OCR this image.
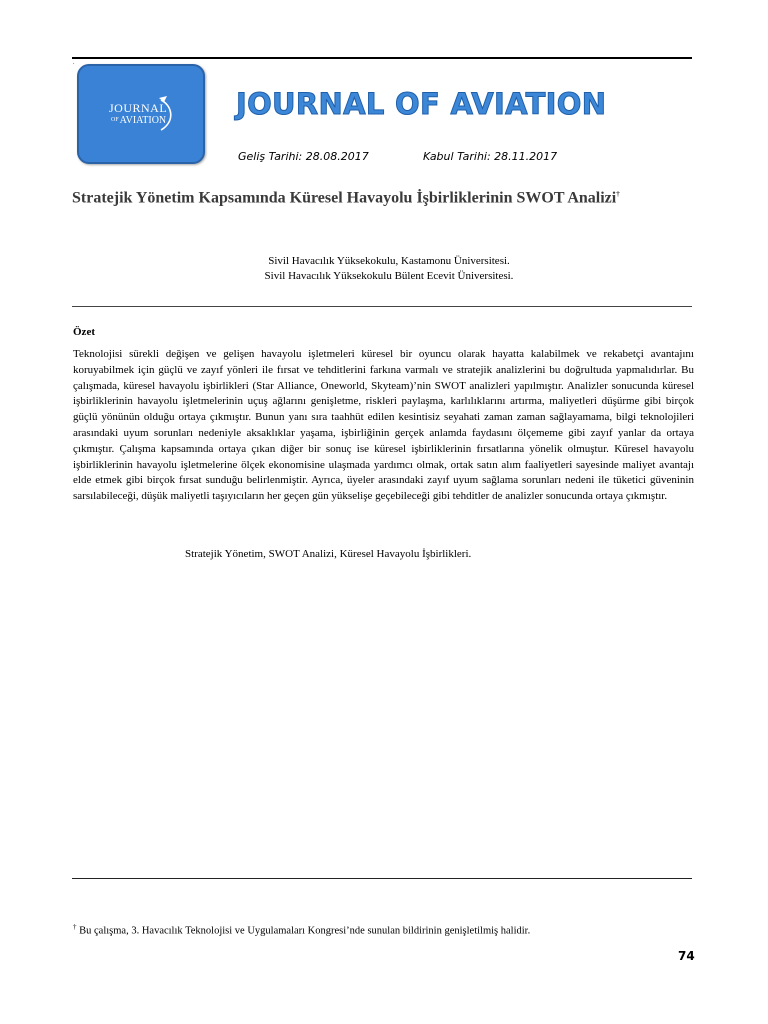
.
JOURNAL
$^{OF}$AVIATION JOURNAL OF AVIATION
Geliş Tarihi: 28.08.2017	Kabul Tarihi: 28.11.2017
Stratejik Yönetim Kapsamında Küresel Havayolu İşbirliklerinin SWOT Analizi†
Sivil Havacılık Yüksekokulu, Kastamonu Üniversitesi.
Sivil Havacılık Yüksekokulu Bülent Ecevit Üniversitesi.
Özet

Teknolojisi sürekli değişen ve gelişen havayolu işletmeleri küresel bir oyuncu olarak hayatta kalabilmek ve rekabetçi avantajını koruyabilmek için güçlü ve zayıf yönleri ile fırsat ve tehditlerini farkına varmalı ve stratejik analizlerini bu doğrultuda yapmalıdırlar. Bu çalışmada, küresel havayolu işbirlikleri (Star Alliance, Oneworld, Skyteam)’nin SWOT analizleri yapılmıştır. Analizler sonucunda küresel işbirliklerinin havayolu işletmelerinin uçuş ağlarını genişletme, riskleri paylaşma, karlılıklarını artırma, maliyetleri düşürme gibi birçok güçlü yönünün olduğu ortaya çıkmıştır. Bunun yanı sıra taahhüt edilen kesintisiz seyahati zaman zaman sağlayamama, bilgi teknolojileri arasındaki uyum sorunları nedeniyle aksaklıklar yaşama, işbirliğinin gerçek anlamda faydasını ölçememe gibi zayıf yanlar da ortaya çıkmıştır. Çalışma kapsamında ortaya çıkan diğer bir sonuç ise küresel işbirliklerinin fırsatlarına yönelik olmuştur. Küresel havayolu işbirliklerinin havayolu işletmelerine ölçek ekonomisine ulaşmada yardımcı olmak, ortak satın alım faaliyetleri sayesinde maliyet avantajı elde etmek gibi birçok fırsat sunduğu belirlenmiştir. Ayrıca, üyeler arasındaki zayıf uyum sağlama sorunları nedeni ile tüketici güveninin sarsılabileceği, düşük maliyetli taşıyıcıların her geçen gün yükselişe geçebileceği gibi tehditler de analizler sonucunda ortaya çıkmıştır.

Stratejik Yönetim, SWOT Analizi, Küresel Havayolu İşbirlikleri.
† Bu çalışma, 3. Havacılık Teknolojisi ve Uygulamaları Kongresi’nde sunulan bildirinin genişletilmiş halidir.
74
